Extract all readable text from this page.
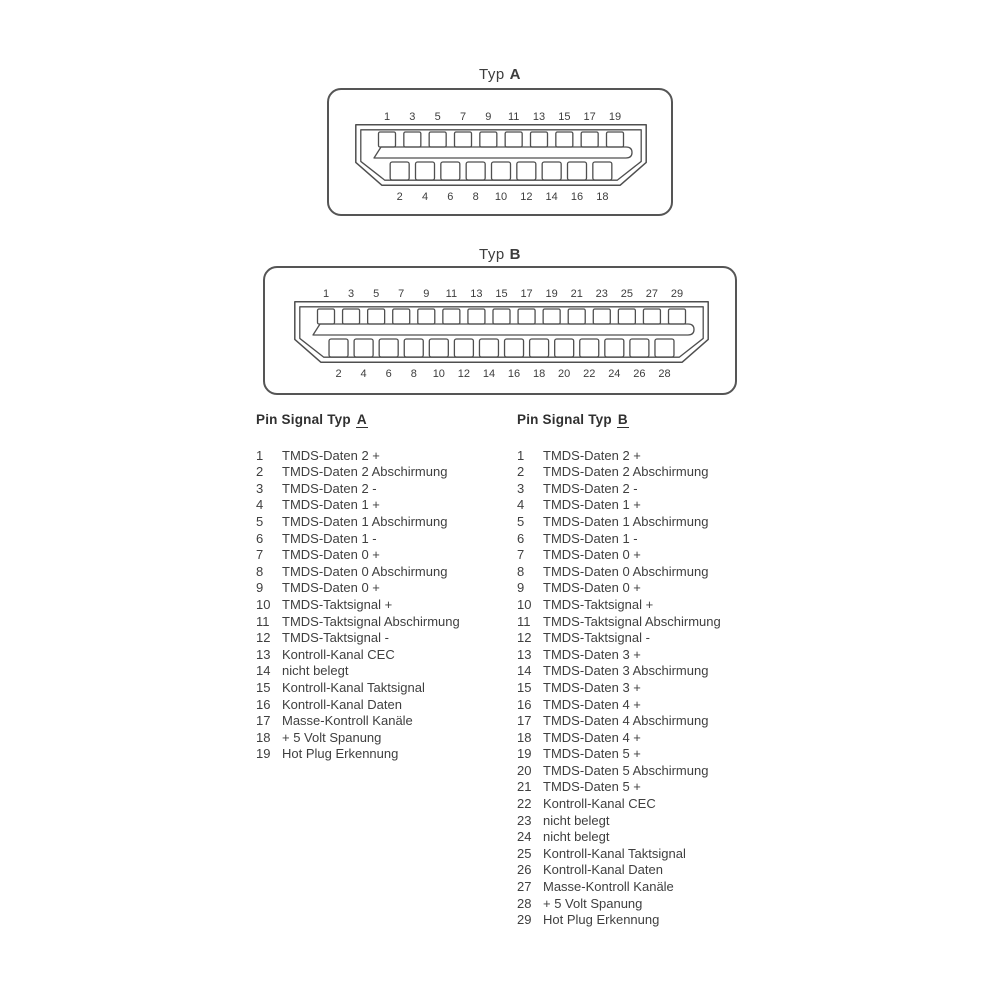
Typ A
1 3 5 7 9 11 13 15 17 19
2 4 6 8 10 12 14 16 18
Typ B
1 3 5 7 9 11 13 15 17 19 21 23 25 27 29
2 4 6 8 10 12 14 16 18 20 22 24 26 28
Pin Signal Typ A
1	TMDS-Daten 2 +
2	TMDS-Daten 2 Abschirmung
3	TMDS-Daten 2 -
4	TMDS-Daten 1 +
5	TMDS-Daten 1 Abschirmung
6	TMDS-Daten 1 -
7	TMDS-Daten 0 +
8	TMDS-Daten 0 Abschirmung
9	TMDS-Daten 0 +
10 TMDS-Taktsignal +
11 TMDS-Taktsignal Abschirmung
12 TMDS-Taktsignal -
13 Kontroll-Kanal CEC
14 nicht belegt
15 Kontroll-Kanal Taktsignal
16 Kontroll-Kanal Daten
17 Masse-Kontroll Kanäle
18 + 5 Volt Spanung
19 Hot Plug Erkennung
Pin Signal Typ B
1	TMDS-Daten 2 +
2	TMDS-Daten 2 Abschirmung
3	TMDS-Daten 2 -
4	TMDS-Daten 1 +
5	TMDS-Daten 1 Abschirmung
6	TMDS-Daten 1 -
7	TMDS-Daten 0 +
8	TMDS-Daten 0 Abschirmung
9	TMDS-Daten 0 +
10 TMDS-Taktsignal +
11 TMDS-Taktsignal Abschirmung
12 TMDS-Taktsignal -
13 TMDS-Daten 3 +
14 TMDS-Daten 3 Abschirmung
15 TMDS-Daten 3 +
16 TMDS-Daten 4 +
17 TMDS-Daten 4 Abschirmung
18 TMDS-Daten 4 +
19 TMDS-Daten 5 +
20 TMDS-Daten 5 Abschirmung
21 TMDS-Daten 5 +
22 Kontroll-Kanal CEC
23 nicht belegt
24 nicht belegt
25 Kontroll-Kanal Taktsignal
26 Kontroll-Kanal Daten
27 Masse-Kontroll Kanäle
28 + 5 Volt Spanung
29 Hot Plug Erkennung
